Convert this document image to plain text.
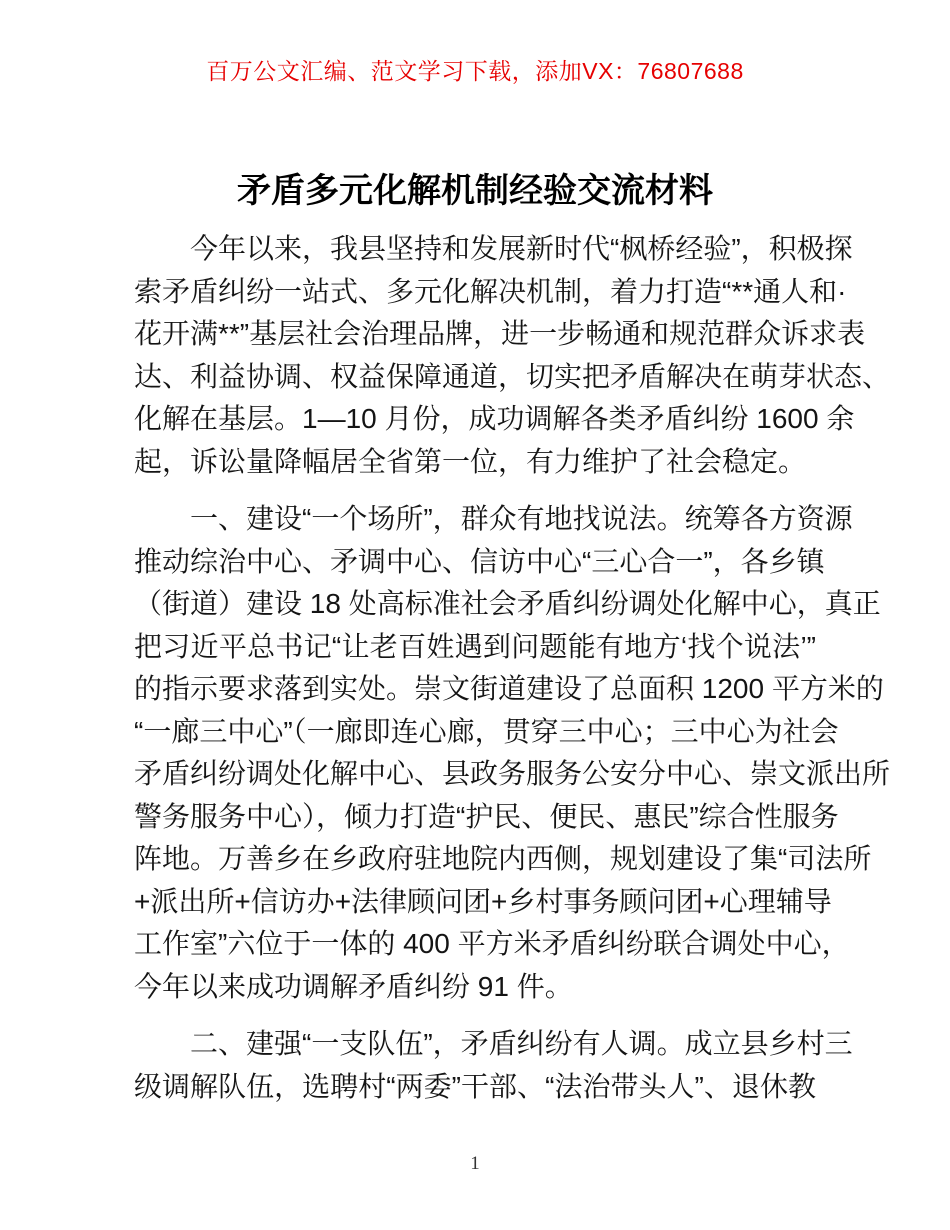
百万公文汇编、范文学习下载，添加VX：76807688
矛盾多元化解机制经验交流材料
今年以来，我县坚持和发展新时代“枫桥经验”，积极探
索矛盾纠纷一站式、多元化解决机制，着力打造“**通人和·
花开满**”基层社会治理品牌，进一步畅通和规范群众诉求表
达、利益协调、权益保障通道，切实把矛盾解决在萌芽状态、
化解在基层。1—10 月份，成功调解各类矛盾纠纷 1600 余
起，诉讼量降幅居全省第一位，有力维护了社会稳定。
一、建设“一个场所”，群众有地找说法。统筹各方资源
推动综治中心、矛调中心、信访中心“三心合一”，各乡镇
（街道）建设 18 处高标准社会矛盾纠纷调处化解中心，真正
把习近平总书记“让老百姓遇到问题能有地方‘找个说法’”
的指示要求落到实处。崇文街道建设了总面积 1200 平方米的
“一廊三中心”（一廊即连心廊，贯穿三中心；三中心为社会
矛盾纠纷调处化解中心、县政务服务公安分中心、崇文派出所
警务服务中心），倾力打造“护民、便民、惠民”综合性服务
阵地。万善乡在乡政府驻地院内西侧，规划建设了集“司法所
+派出所+信访办+法律顾问团+乡村事务顾问团+心理辅导
工作室”六位于一体的 400 平方米矛盾纠纷联合调处中心，
今年以来成功调解矛盾纠纷 91 件。
二、建强“一支队伍”，矛盾纠纷有人调。成立县乡村三
级调解队伍，选聘村“两委”干部、“法治带头人”、退休教
1
